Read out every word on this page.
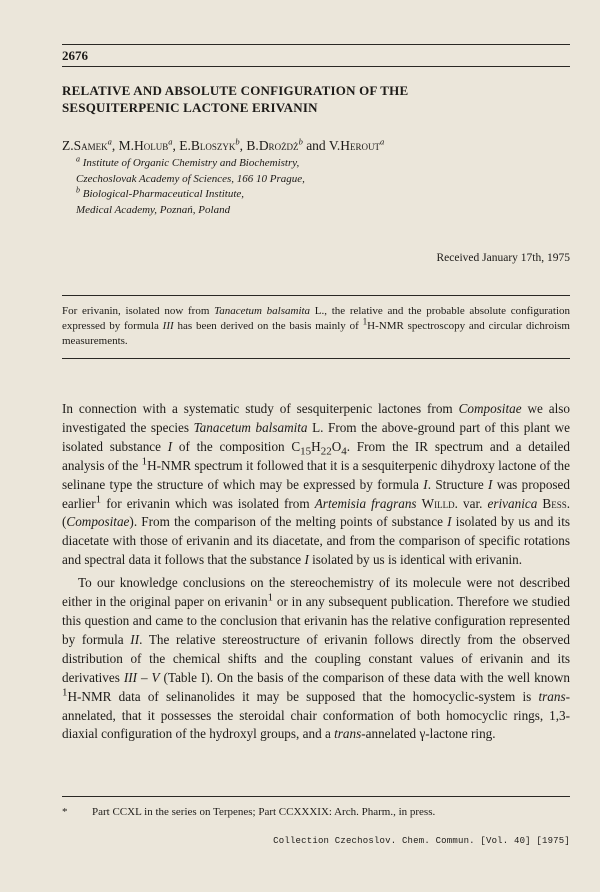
2676
RELATIVE AND ABSOLUTE CONFIGURATION OF THE
SESQUITERPENIC LACTONE ERIVANIN
Z.Samek$^a$, M.Holub$^a$, E.Bloszyk$^b$, B.Drożdż$^b$ and V.Herout$^a$
$^a$ Institute of Organic Chemistry and Biochemistry,
Czechoslovak Academy of Sciences, 166 10 Prague,
$^b$ Biological-Pharmaceutical Institute,
Medical Academy, Poznań, Poland
Received January 17th, 1975
For erivanin, isolated now from Tanacetum balsamita L., the relative and the probable absolute configuration expressed by formula III has been derived on the basis mainly of $^1$H-NMR spectroscopy and circular dichroism measurements.

In connection with a systematic study of sesquiterpenic lactones from Compositae we also investigated the species Tanacetum balsamita L. From the above-ground part of this plant we isolated substance I of the composition $C_{15}H_{22}O_4$. From the IR spectrum and a detailed analysis of the $^1$H-NMR spectrum it followed that it is a sesquiterpenic dihydroxy lactone of the selinane type the structure of which may be expressed by formula I. Structure I was proposed earlier$^1$ for erivanin which was isolated from Artemisia fragrans Willd. var. erivanica Bess. (Compositae). From the comparison of the melting points of substance I isolated by us and its diacetate with those of erivanin and its diacetate, and from the comparison of specific rotations and spectral data it follows that the substance I isolated by us is identical with erivanin.

To our knowledge conclusions on the stereochemistry of its molecule were not described either in the original paper on erivanin$^1$ or in any subsequent publication. Therefore we studied this question and came to the conclusion that erivanin has the relative configuration represented by formula II. The relative stereostructure of erivanin follows directly from the observed distribution of the chemical shifts and the coupling constant values of erivanin and its derivatives III – V (Table I). On the basis of the comparison of these data with the well known $^1$H-NMR data of selinanolides it may be supposed that the homocyclic-system is trans-annelated, that it possesses the steroidal chair conformation of both homocyclic rings, 1,3-diaxial configuration of the hydroxyl groups, and a trans-annelated γ-lactone ring.

* Part CCXL in the series on Terpenes; Part CCXXXIX: Arch. Pharm., in press.
Collection Czechoslov. Chem. Commun. [Vol. 40] [1975]
